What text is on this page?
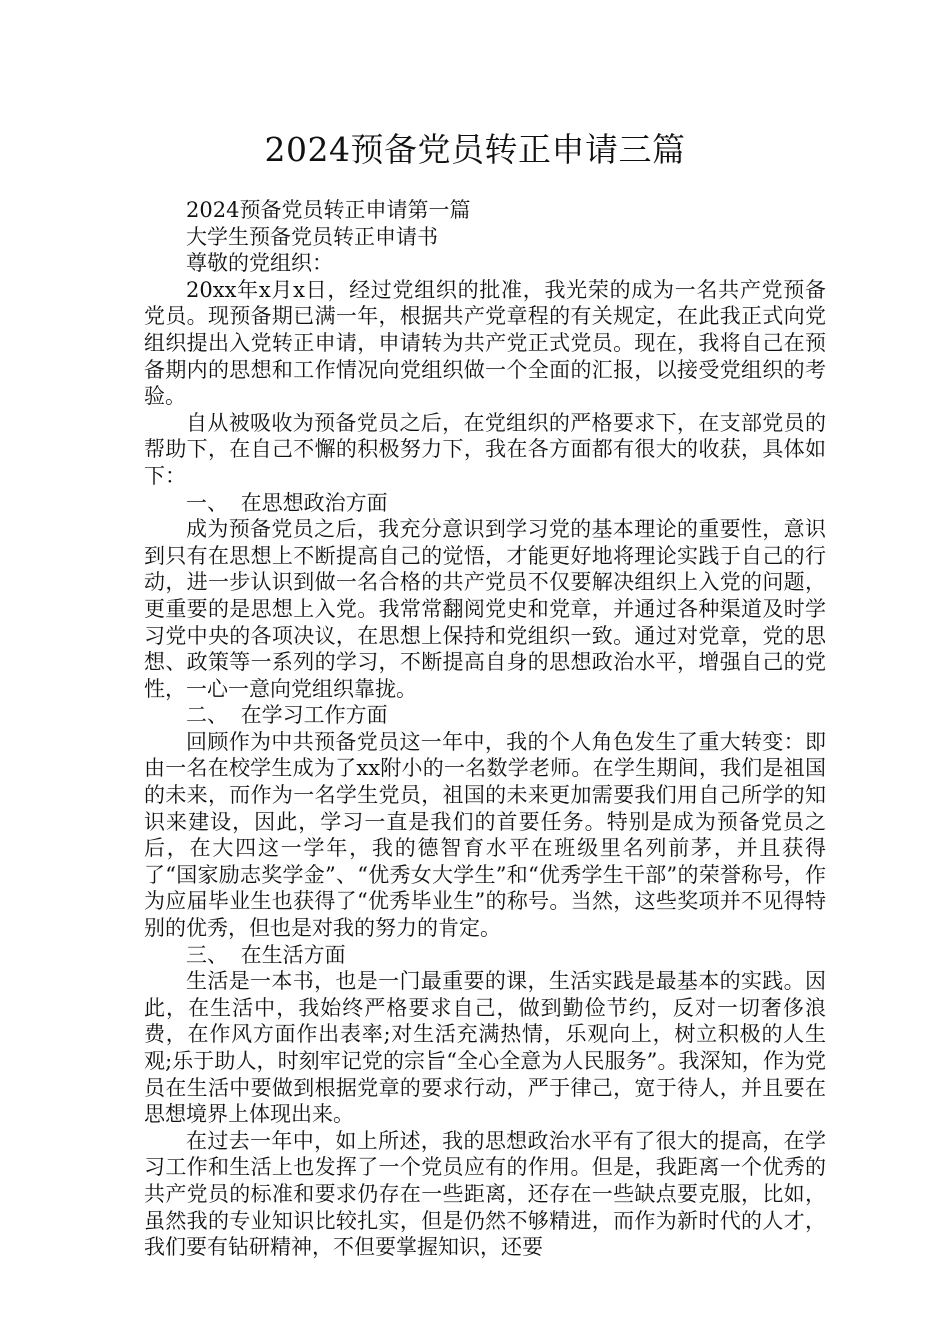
2024预备党员转正申请三篇

2024预备党员转正申请第一篇

大学生预备党员转正申请书

尊敬的党组织：

20xx年x月x日，经过党组织的批准，我光荣的成为一名共产党预备党员。现预备期已满一年，根据共产党章程的有关规定，在此我正式向党组织提出入党转正申请，申请转为共产党正式党员。现在，我将自己在预备期内的思想和工作情况向党组织做一个全面的汇报，以接受党组织的考验。

自从被吸收为预备党员之后，在党组织的严格要求下，在支部党员的帮助下，在自己不懈的积极努力下，我在各方面都有很大的收获，具体如下：

一、 在思想政治方面

成为预备党员之后，我充分意识到学习党的基本理论的重要性，意识到只有在思想上不断提高自己的觉悟，才能更好地将理论实践于自己的行动，进一步认识到做一名合格的共产党员不仅要解决组织上入党的问题，更重要的是思想上入党。我常常翻阅党史和党章，并通过各种渠道及时学习党中央的各项决议，在思想上保持和党组织一致。通过对党章，党的思想、政策等一系列的学习，不断提高自身的思想政治水平，增强自己的党性，一心一意向党组织靠拢。

二、 在学习工作方面

回顾作为中共预备党员这一年中，我的个人角色发生了重大转变：即由一名在校学生成为了xx附小的一名数学老师。在学生期间，我们是祖国的未来，而作为一名学生党员，祖国的未来更加需要我们用自己所学的知识来建设，因此，学习一直是我们的首要任务。特别是成为预备党员之后，在大四这一学年，我的德智育水平在班级里名列前茅，并且获得了“国家励志奖学金”、“优秀女大学生”和“优秀学生干部”的荣誉称号，作为应届毕业生也获得了“优秀毕业生”的称号。当然，这些奖项并不见得特别的优秀，但也是对我的努力的肯定。

三、 在生活方面

生活是一本书，也是一门最重要的课，生活实践是最基本的实践。因此，在生活中，我始终严格要求自己，做到勤俭节约，反对一切奢侈浪费，在作风方面作出表率;对生活充满热情，乐观向上，树立积极的人生观;乐于助人，时刻牢记党的宗旨“全心全意为人民服务”。我深知，作为党员在生活中要做到根据党章的要求行动，严于律己，宽于待人，并且要在思想境界上体现出来。

在过去一年中，如上所述，我的思想政治水平有了很大的提高，在学习工作和生活上也发挥了一个党员应有的作用。但是，我距离一个优秀的共产党员的标准和要求仍存在一些距离，还存在一些缺点要克服，比如，虽然我的专业知识比较扎实，但是仍然不够精进，而作为新时代的人才，我们要有钻研精神，不但要掌握知识，还要
